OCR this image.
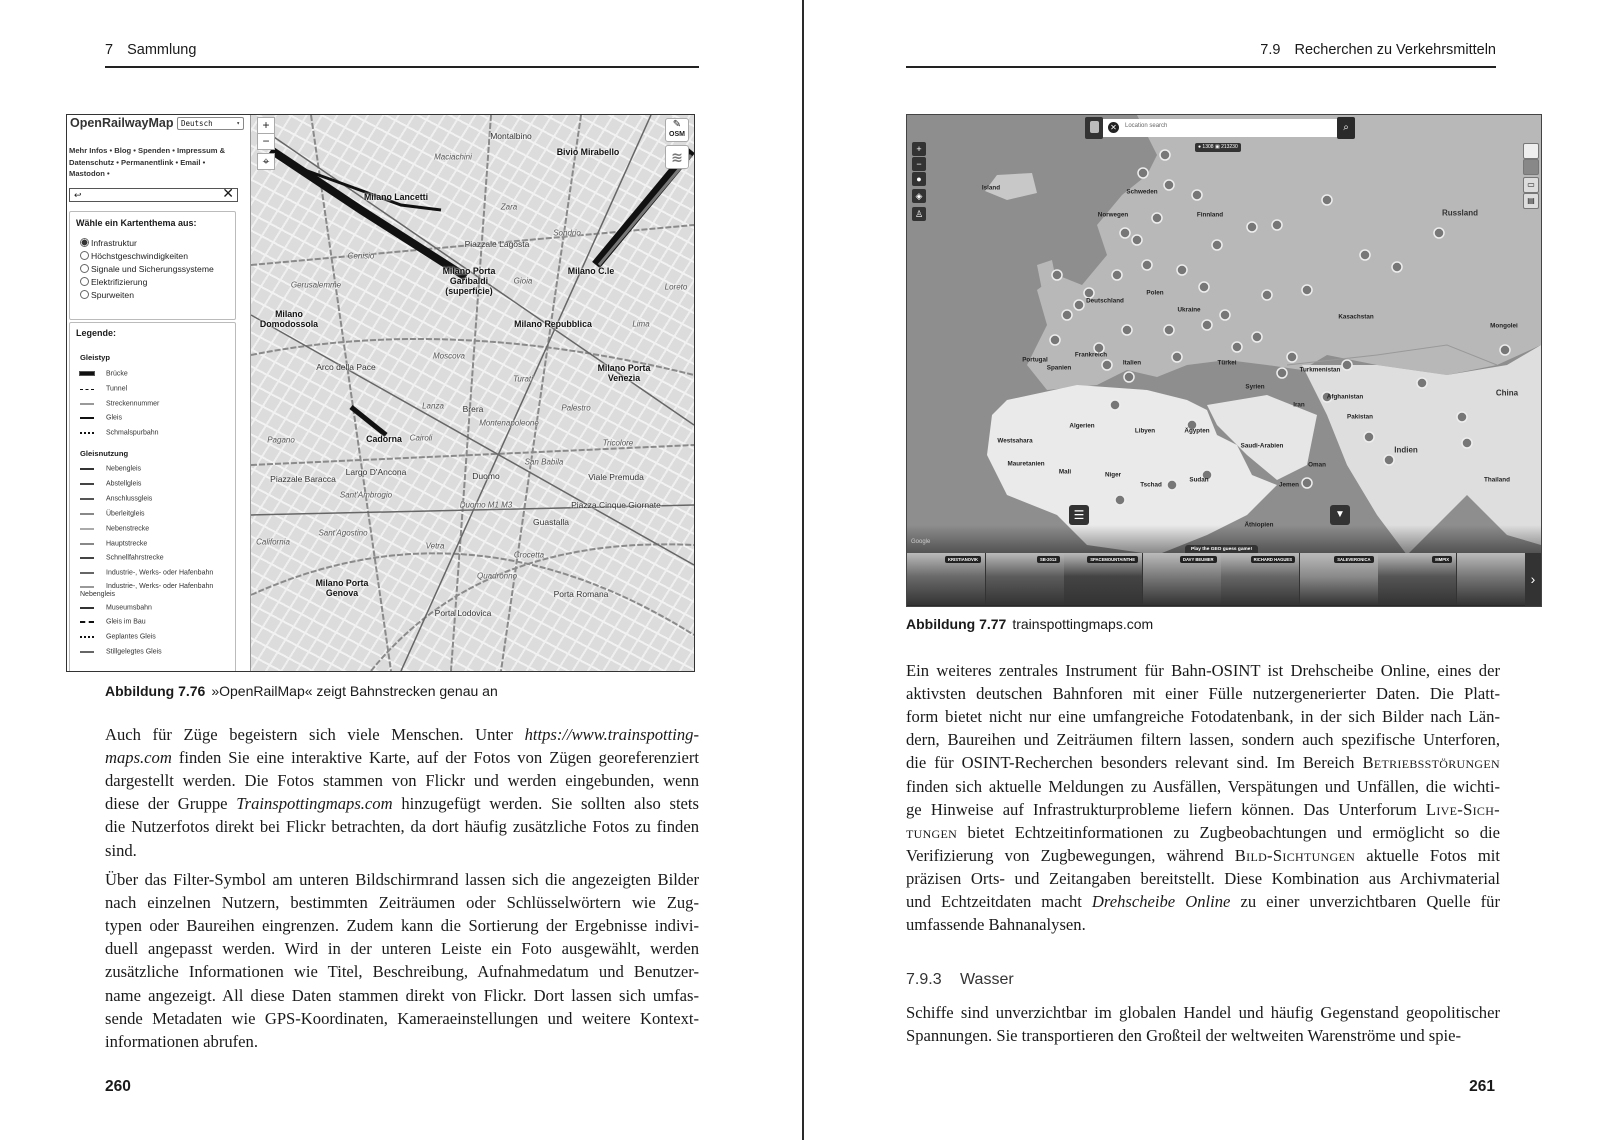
7 Sammlung
OpenRailwayMap	Deutsch	▾
Mehr Infos • Blog • Spenden • Impressum & Datenschutz • Permanentlink • Email • Mastodon •
↩	✕
Wähle ein Kartenthema aus:
Infrastruktur
Höchstgeschwindigkeiten
Signale und Sicherungssysteme
Elektrifizierung
Spurweiten
Legende:
Gleistyp
Brücke
Tunnel
Streckennummer
Gleis
Schmalspurbahn
Gleisnutzung
Nebengleis
Abstellgleis
Anschlussgleis
Überleitgleis
Nebenstrecke
Hauptstrecke
Schnellfahrstrecke
Industrie-, Werks- oder Hafenbahn
Industrie-, Werks- oder Hafenbahn Nebengleis
Museumsbahn
Gleis im Bau
Geplantes Gleis
Stillgelegtes Gleis
Milano Lancetti
Milano Porta Garibaldi (superficie)
Milano C.le
Bivio Mirabello
Milano Domodossola	Milano Repubblica
Milano Porta Venezia
Cadorna
Milano Porta Genova
Montalbino
Piazzale Lagosta
Duomo
Brera
Guastalla
Porta Romana
Porta Lodovica
Largo D'Ancona
Piazzale Baracca	Viale Premuda
Piazza Cinque Giornate
Arco della Pace
Sondrio
Gioia
Zara
Moscova
Turati
Palestro
Montenapoleone
San Babila
Sant'Ambrogio
Sant'Agostino
California
Crocetta
Vetra
Quadronno
Lanza
Loreto
Lima
Tricolore
Pagano
Cenisio
Gerusalemme
Maciachini
Duomo M1 M3
Cairoli
+
−
⌖
✎
OSM
≋
Abbildung 7.76 »OpenRailMap« zeigt Bahnstrecken genau an
Auch für Züge begeistern sich viele Menschen. Unter https://www.trainspotting-
maps.com finden Sie eine interaktive Karte, auf der Fotos von Zügen georeferenziert
dargestellt werden. Die Fotos stammen von Flickr und werden eingebunden, wenn
diese der Gruppe Trainspottingmaps.com hinzugefügt werden. Sie sollten also stets
die Nutzerfotos direkt bei Flickr betrachten, da dort häufig zusätzliche Fotos zu finden
sind.
Über das Filter-Symbol am unteren Bildschirmrand lassen sich die angezeigten Bilder
nach einzelnen Nutzern, bestimmten Zeiträumen oder Schlüsselwörtern wie Zug-
typen oder Baureihen eingrenzen. Zudem kann die Sortierung der Ergebnisse indivi-
duell angepasst werden. Wird in der unteren Leiste ein Foto ausgewählt, werden
zusätzliche Informationen wie Titel, Beschreibung, Aufnahmedatum und Benutzer-
name angezeigt. All diese Daten stammen direkt von Flickr. Dort lassen sich umfas-
sende Metadaten wie GPS-Koordinaten, Kameraeinstellungen und weitere Kontext-
informationen abrufen.
260
7.9 Recherchen zu Verkehrsmitteln
Island
Schweden
Norwegen	Finnland	Russland
Kasachstan
Mongolei
Frankreich
Spanien
Italien
Turkmenistan
Algerien
Libyen	Ägypten
Saudi-Arabien
Iran
Afghanistan
Pakistan
Indien
China
Mauretanien
Mali	Niger
Tschad
Sudan	Thailand
Westsahara
Portugal
Deutschland
Polen
Ukraine
Türkei
Syrien
Jemen
Oman
Äthiopien
✕	Location search	⌕
● 1308 ▣ 213230
+
−
●
◈
♙
▭
▤
☰	▼
Google
Play the GEO guess game!
KRISTIANOVIK	SB-2013	SPACEMOUNTAINTHE	DAVY BEUMER	RICHARD HAGUES	SALEVERONICA	MMPIX
›
Abbildung 7.77 trainspottingmaps.com
Ein weiteres zentrales Instrument für Bahn-OSINT ist Drehscheibe Online, eines der
aktivsten deutschen Bahnforen mit einer Fülle nutzergenerierter Daten. Die Platt-
form bietet nicht nur eine umfangreiche Fotodatenbank, in der sich Bilder nach Län-
dern, Baureihen und Zeiträumen filtern lassen, sondern auch spezifische Unterforen,
die für OSINT-Recherchen besonders relevant sind. Im Bereich Betriebsstörungen
finden sich aktuelle Meldungen zu Ausfällen, Verspätungen und Unfällen, die wichti-
ge Hinweise auf Infrastrukturprobleme liefern können. Das Unterforum Live-Sich-
tungen bietet Echtzeitinformationen zu Zugbeobachtungen und ermöglicht so die
Verifizierung von Zugbewegungen, während Bild-Sichtungen aktuelle Fotos mit
präzisen Orts- und Zeitangaben bereitstellt. Diese Kombination aus Archivmaterial
und Echtzeitdaten macht Drehscheibe Online zu einer unverzichtbaren Quelle für
umfassende Bahnanalysen.
Schiffe sind unverzichtbar im globalen Handel und häufig Gegenstand geopolitischer
Spannungen. Sie transportieren den Großteil der weltweiten Warenströme und spie-
7.9.3 Wasser
261
